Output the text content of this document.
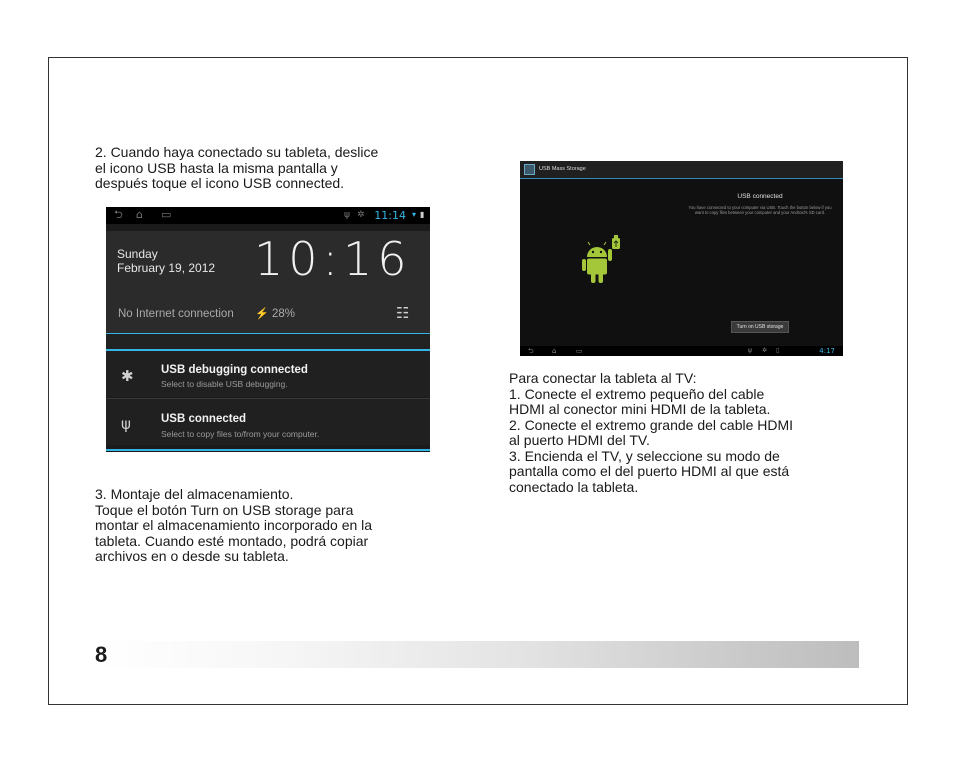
2. Cuando haya conectado su tableta, deslice
el icono USB hasta la misma pantalla y
después toque el icono USB connected.
⮌ ⌂ ▭	ψ ✲ 11:14 ▾ ▮
Sunday
February 19, 2012 10:16
No Internet connection ⚡ 28%	☷
✱ USB debugging connected
Select to disable USB debugging.
ψ	USB connected
Select to copy files to/from your computer.
3. Montaje del almacenamiento.
Toque el botón Turn on USB storage para
montar el almacenamiento incorporado en la
tableta. Cuando esté montado, podrá copiar
archivos en o desde su tableta.
USB Mass Storage
USB connected
You have connected to your computer via USB. Touch the button below if you
want to copy files between your computer and your Android's SD card.
Turn on USB storage
⮌	⌂	▭	ψ ✲ ▯	4:17
Para conectar la tableta al TV:
1. Conecte el extremo pequeño del cable
HDMI al conector mini HDMI de la tableta.
2. Conecte el extremo grande del cable HDMI
al puerto HDMI del TV.
3. Encienda el TV, y seleccione su modo de
pantalla como el del puerto HDMI al que está
conectado la tableta.
8
